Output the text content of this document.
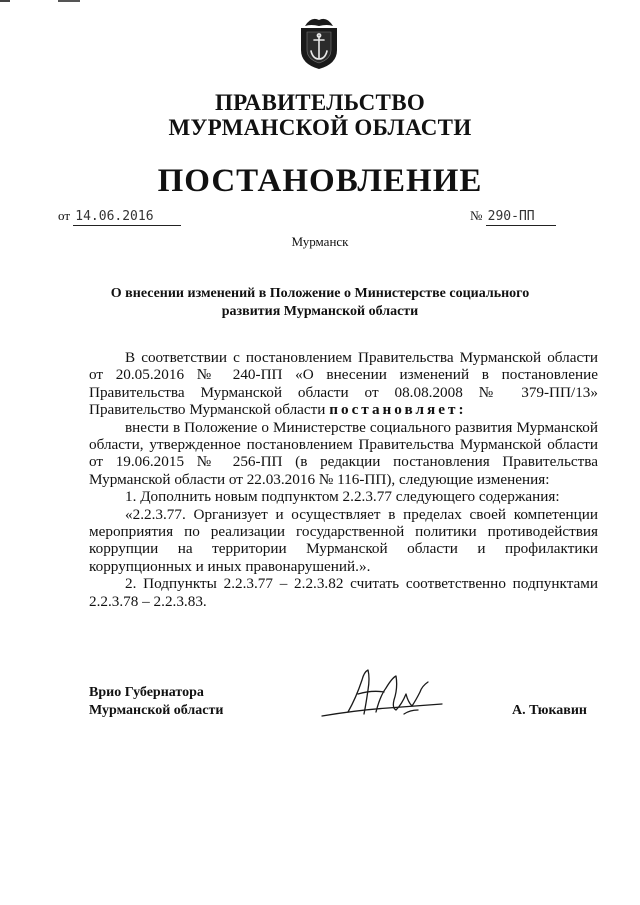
ПРАВИТЕЛЬСТВО
МУРМАНСКОЙ ОБЛАСТИ
ПОСТАНОВЛЕНИЕ
от 14.06.2016	№ 290-ПП
Мурманск
О внесении изменений в Положение о Министерстве социального развития Мурманской области

В соответствии с постановлением Правительства Мурманской области от 20.05.2016 № 240-ПП «О внесении изменений в постановление Правительства Мурманской области от 08.08.2008 № 379-ПП/13» Правительство Мурманской области постановляет:

внести в Положение о Министерстве социального развития Мурманской области, утвержденное постановлением Правительства Мурманской области от 19.06.2015 № 256-ПП (в редакции постановления Правительства Мурманской области от 22.03.2016 № 116-ПП), следующие изменения:

1. Дополнить новым подпунктом 2.2.3.77 следующего содержания:

«2.2.3.77. Организует и осуществляет в пределах своей компетенции мероприятия по реализации государственной политики противодействия коррупции на территории Мурманской области и профилактики коррупционных и иных правонарушений.».

2. Подпункты 2.2.3.77 – 2.2.3.82 считать соответственно подпунктами 2.2.3.78 – 2.2.3.83.

Врио Губернатора
Мурманской области	А. Тюкавин
